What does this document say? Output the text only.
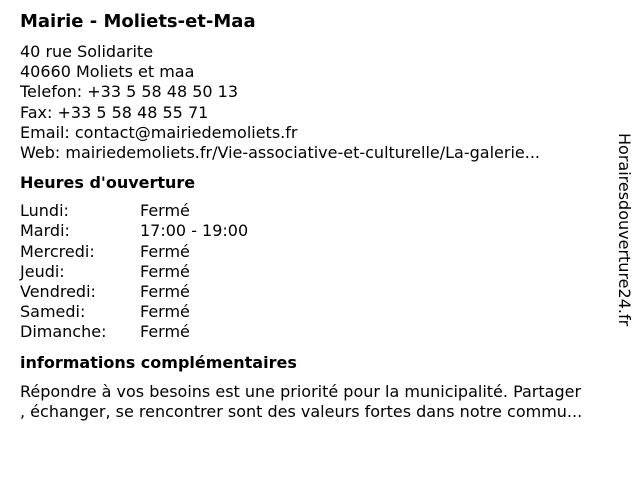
Mairie - Moliets-et-Maa
40 rue Solidarite
40660 Moliets et maa
Telefon: +33 5 58 48 50 13
Fax: +33 5 58 48 55 71
Email: contact@mairiedemoliets.fr
Web: mairiedemoliets.fr/Vie-associative-et-culturelle/La-galerie...
Heures d'ouverture
Lundi:	Fermé
Mardi:	17:00 - 19:00
Mercredi:	Fermé
Jeudi:	Fermé
Vendredi:	Fermé
Samedi:	Fermé
Dimanche:	Fermé
informations complémentaires
Répondre à vos besoins est une priorité pour la municipalité. Partager
, échanger, se rencontrer sont des valeurs fortes dans notre commu...
Horairesdouverture24.fr
